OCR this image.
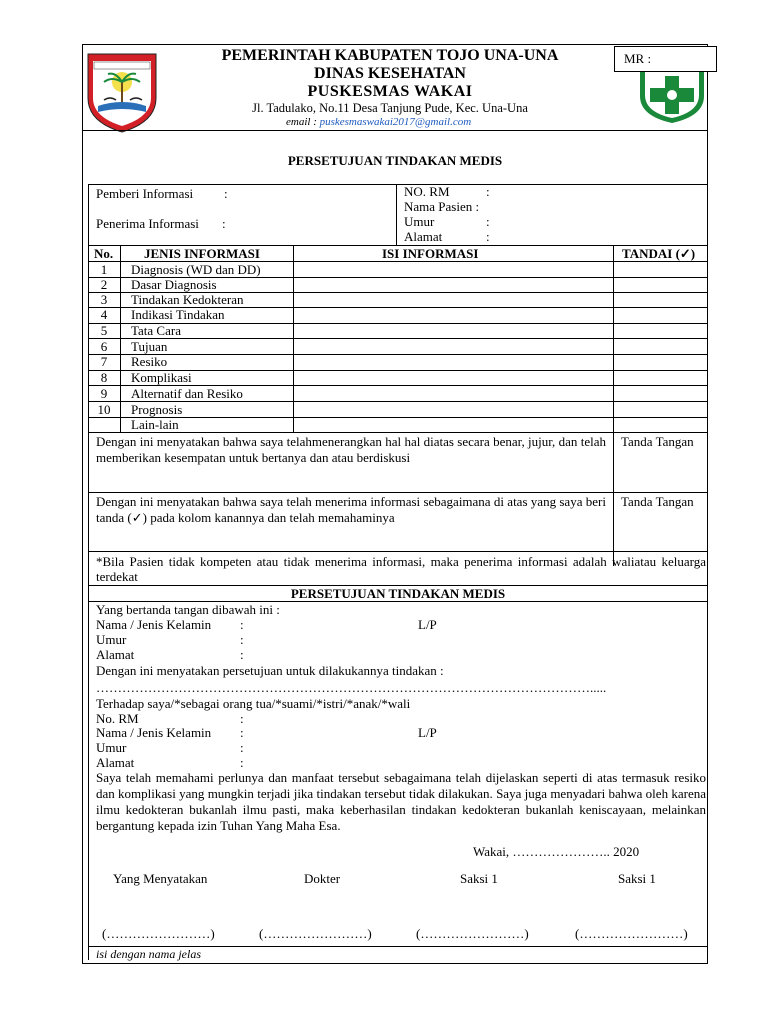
MR :
PEMERINTAH KABUPATEN TOJO UNA-UNA
DINAS KESEHATAN
PUSKESMAS WAKAI
Jl. Tadulako, No.11 Desa Tanjung Pude, Kec. Una-Una
email : puskesmaswakai2017@gmail.com
PERSETUJUAN TINDAKAN MEDIS
Pemberi Informasi :
Penerima Informasi :
NO. RM	:
Nama Pasien :
Umur	:
Alamat	:
No. JENIS INFORMASI	ISI INFORMASI	TANDAI (✓)
1	Diagnosis (WD dan DD)
2	Dasar Diagnosis
3	Tindakan Kedokteran
4	Indikasi Tindakan
5	Tata Cara
6	Tujuan
7	Resiko
8	Komplikasi
9	Alternatif dan Resiko
10	Prognosis
Lain-lain
Dengan ini menyatakan bahwa saya telahmenerangkan hal hal diatas secara benar, jujur, dan telah memberikan kesempatan untuk bertanya dan atau berdiskusi
Tanda Tangan
Dengan ini menyatakan bahwa saya telah menerima informasi sebagaimana di atas yang saya beri tanda (✓) pada kolom kanannya dan telah memahaminya
Tanda Tangan
*Bila Pasien tidak kompeten atau tidak menerima informasi, maka penerima informasi adalah waliatau keluarga terdekat
PERSETUJUAN TINDAKAN MEDIS
Yang bertanda tangan dibawah ini :
Nama / Jenis Kelamin :	L/P
Umur	:
Alamat	:
Dengan ini menyatakan persetujuan untuk dilakukannya tindakan :
…………………………………………………………………………………………………….....
Terhadap saya/*sebagai orang tua/*suami/*istri/*anak/*wali
No. RM	:
Nama / Jenis Kelamin :	L/P
Umur	:
Alamat	:
Saya telah memahami perlunya dan manfaat tersebut sebagaimana telah dijelaskan seperti di atas termasuk resiko dan komplikasi yang mungkin terjadi jika tindakan tersebut tidak dilakukan. Saya juga menyadari bahwa oleh karena ilmu kedokteran bukanlah ilmu pasti, maka keberhasilan tindakan kedokteran bukanlah keniscayaan, melainkan bergantung kepada izin Tuhan Yang Maha Esa.
Wakai, ………………….. 2020
Yang Menyatakan	Dokter	Saksi 1	Saksi 1
(……………………)	(……………………)	(……………………)	(……………………)
isi dengan nama jelas
